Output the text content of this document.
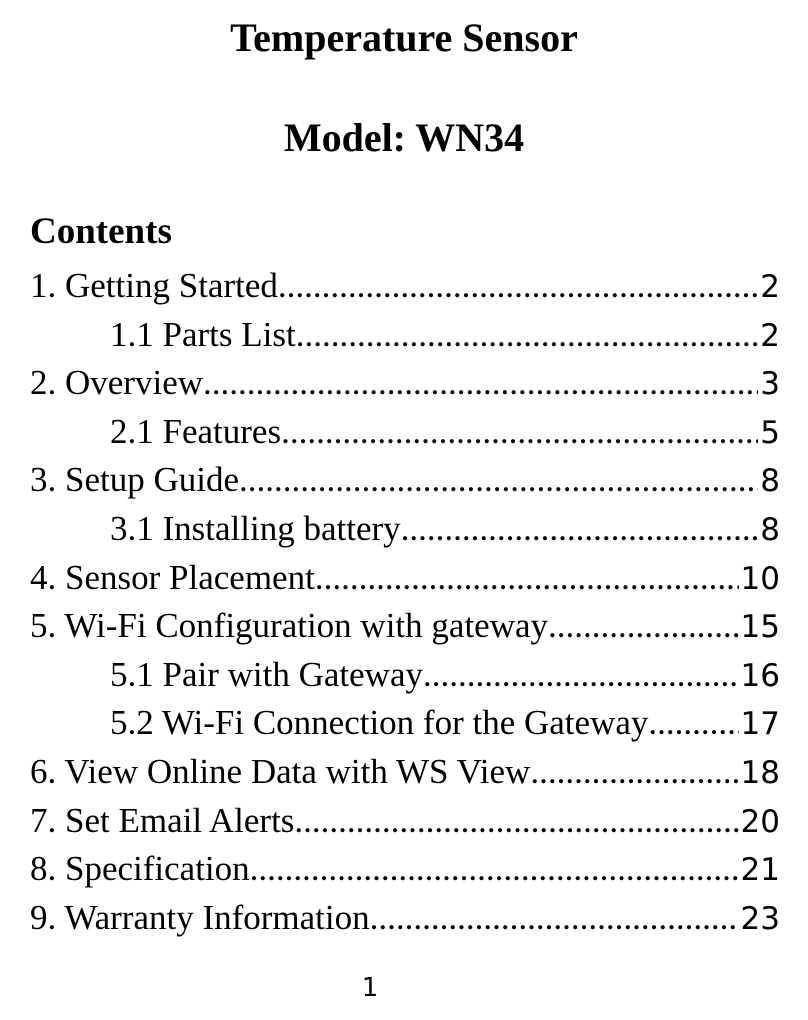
Temperature Sensor
Model: WN34
Contents
1. Getting Started .....	2
1.1 Parts List .....	2
2. Overview .....	3
2.1 Features .....	5
3. Setup Guide .....	8
3.1 Installing battery .....	8
4. Sensor Placement .....	10
5. Wi-Fi Configuration with gateway .....	15
5.1 Pair with Gateway .....	16
5.2 Wi-Fi Connection for the Gateway .....	17
6. View Online Data with WS View .....	18
7. Set Email Alerts .....	20
8. Specification .....	21
9. Warranty Information .....	23
1
